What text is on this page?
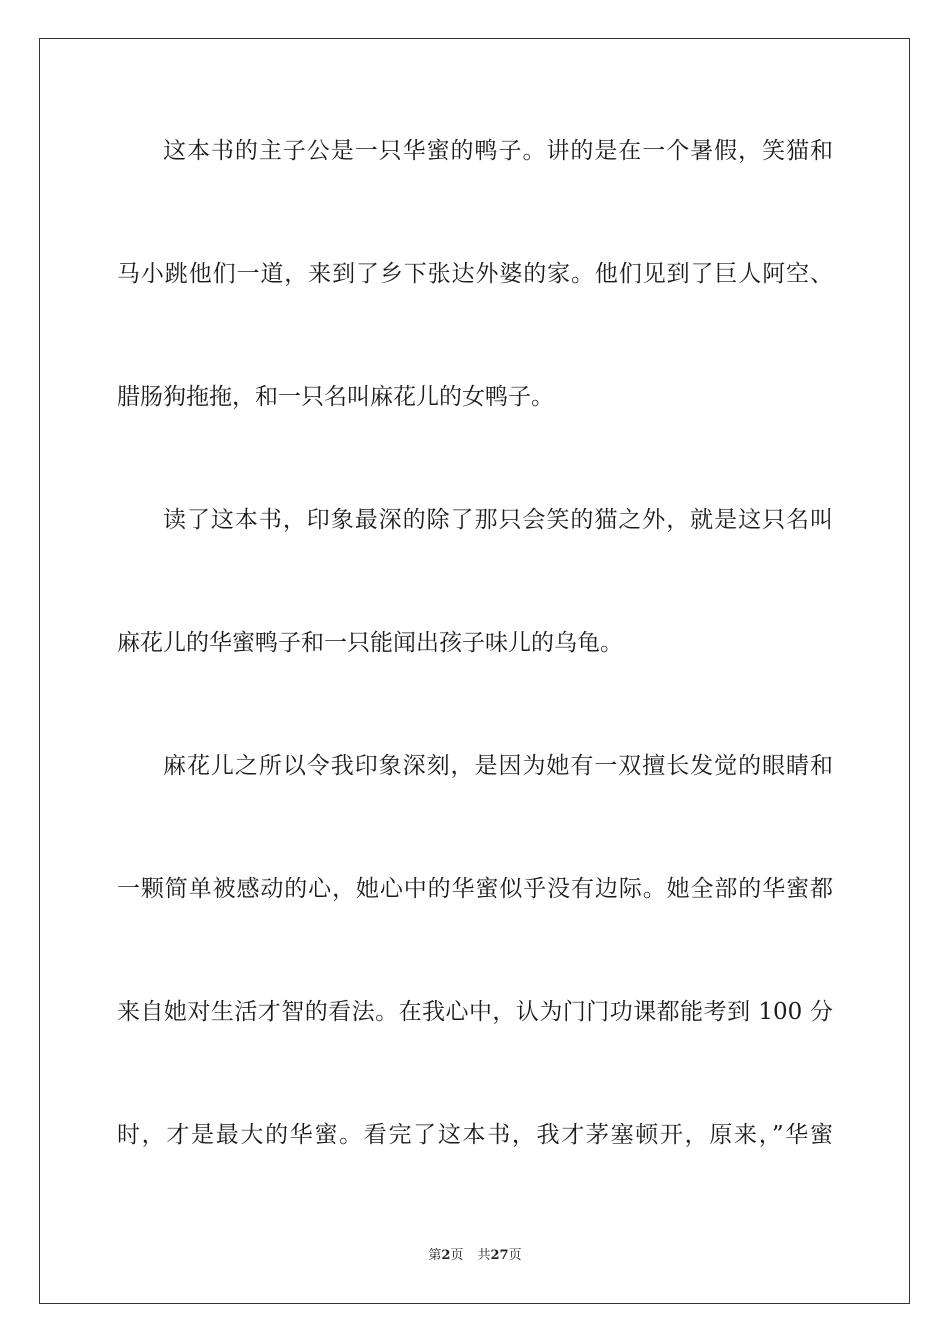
这本书的主子公是一只华蜜的鸭子。讲的是在一个暑假，笑猫和
马小跳他们一道，来到了乡下张达外婆的家。他们见到了巨人阿空、
腊肠狗拖拖，和一只名叫麻花儿的女鸭子。
读了这本书，印象最深的除了那只会笑的猫之外，就是这只名叫
麻花儿的华蜜鸭子和一只能闻出孩子味儿的乌龟。
麻花儿之所以令我印象深刻，是因为她有一双擅长发觉的眼睛和
一颗简单被感动的心，她心中的华蜜似乎没有边际。她全部的华蜜都
来自她对生活才智的看法。在我心中，认为门门功课都能考到 100 分
时，才是最大的华蜜。看完了这本书，我才茅塞顿开，原来，”华蜜
第2页 共27页
